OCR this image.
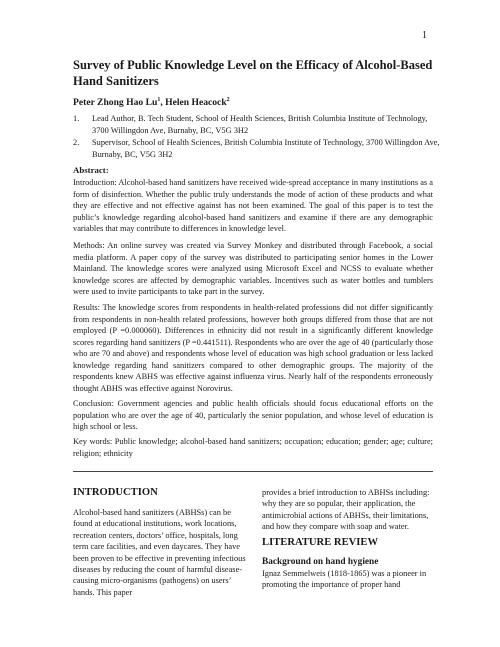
1
Survey of Public Knowledge Level on the Efficacy of Alcohol-Based Hand Sanitizers
Peter Zhong Hao Lu$^1$, Helen Heacock$^2$
1. Lead Author, B. Tech Student, School of Health Sciences, British Columbia Institute of Technology, 3700 Willingdon Ave, Burnaby, BC, V5G 3H2
2. Supervisor, School of Health Sciences, British Columbia Institute of Technology, 3700 Willingdon Ave, Burnaby, BC, V5G 3H2
Abstract:
Introduction: Alcohol-based hand sanitizers have received wide-spread acceptance in many institutions as a form of disinfection. Whether the public truly understands the mode of action of these products and what they are effective and not effective against has not been examined. The goal of this paper is to test the public’s knowledge regarding alcohol-based hand sanitizers and examine if there are any demographic variables that may contribute to differences in knowledge level.
Methods: An online survey was created via Survey Monkey and distributed through Facebook, a social media platform. A paper copy of the survey was distributed to participating senior homes in the Lower Mainland. The knowledge scores were analyzed using Microsoft Excel and NCSS to evaluate whether knowledge scores are affected by demographic variables. Incentives such as water bottles and tumblers were used to invite participants to take part in the survey.
Results: The knowledge scores from respondents in health-related professions did not differ significantly from respondents in non-health related professions, however both groups differed from those that are not employed (P =0.000060). Differences in ethnicity did not result in a significantly different knowledge scores regarding hand sanitizers (P =0.441511). Respondents who are over the age of 40 (particularly those who are 70 and above) and respondents whose level of education was high school graduation or less lacked knowledge regarding hand sanitizers compared to other demographic groups. The majority of the respondents knew ABHS was effective against influenza virus. Nearly half of the respondents erroneously thought ABHS was effective against Norovirus.
Conclusion: Government agencies and public health officials should focus educational efforts on the population who are over the age of 40, particularly the senior population, and whose level of education is high school or less.
Key words: Public knowledge; alcohol-based hand sanitizers; occupation; education; gender; age; culture; religion; ethnicity
INTRODUCTION
Alcohol-based hand sanitizers (ABHSs) can be found at educational institutions, work locations, recreation centers, doctors’ office, hospitals, long term care facilities, and even daycares. They have been proven to be effective in preventing infectious diseases by reducing the count of harmful disease-causing micro-organisms (pathogens) on users’ hands. This paper
provides a brief introduction to ABHSs including: why they are so popular, their application, the antimicrobial actions of ABHSs, their limitations, and how they compare with soap and water.
LITERATURE REVIEW
Background on hand hygiene
Ignaz Semmelweis (1818-1865) was a pioneer in promoting the importance of proper hand
